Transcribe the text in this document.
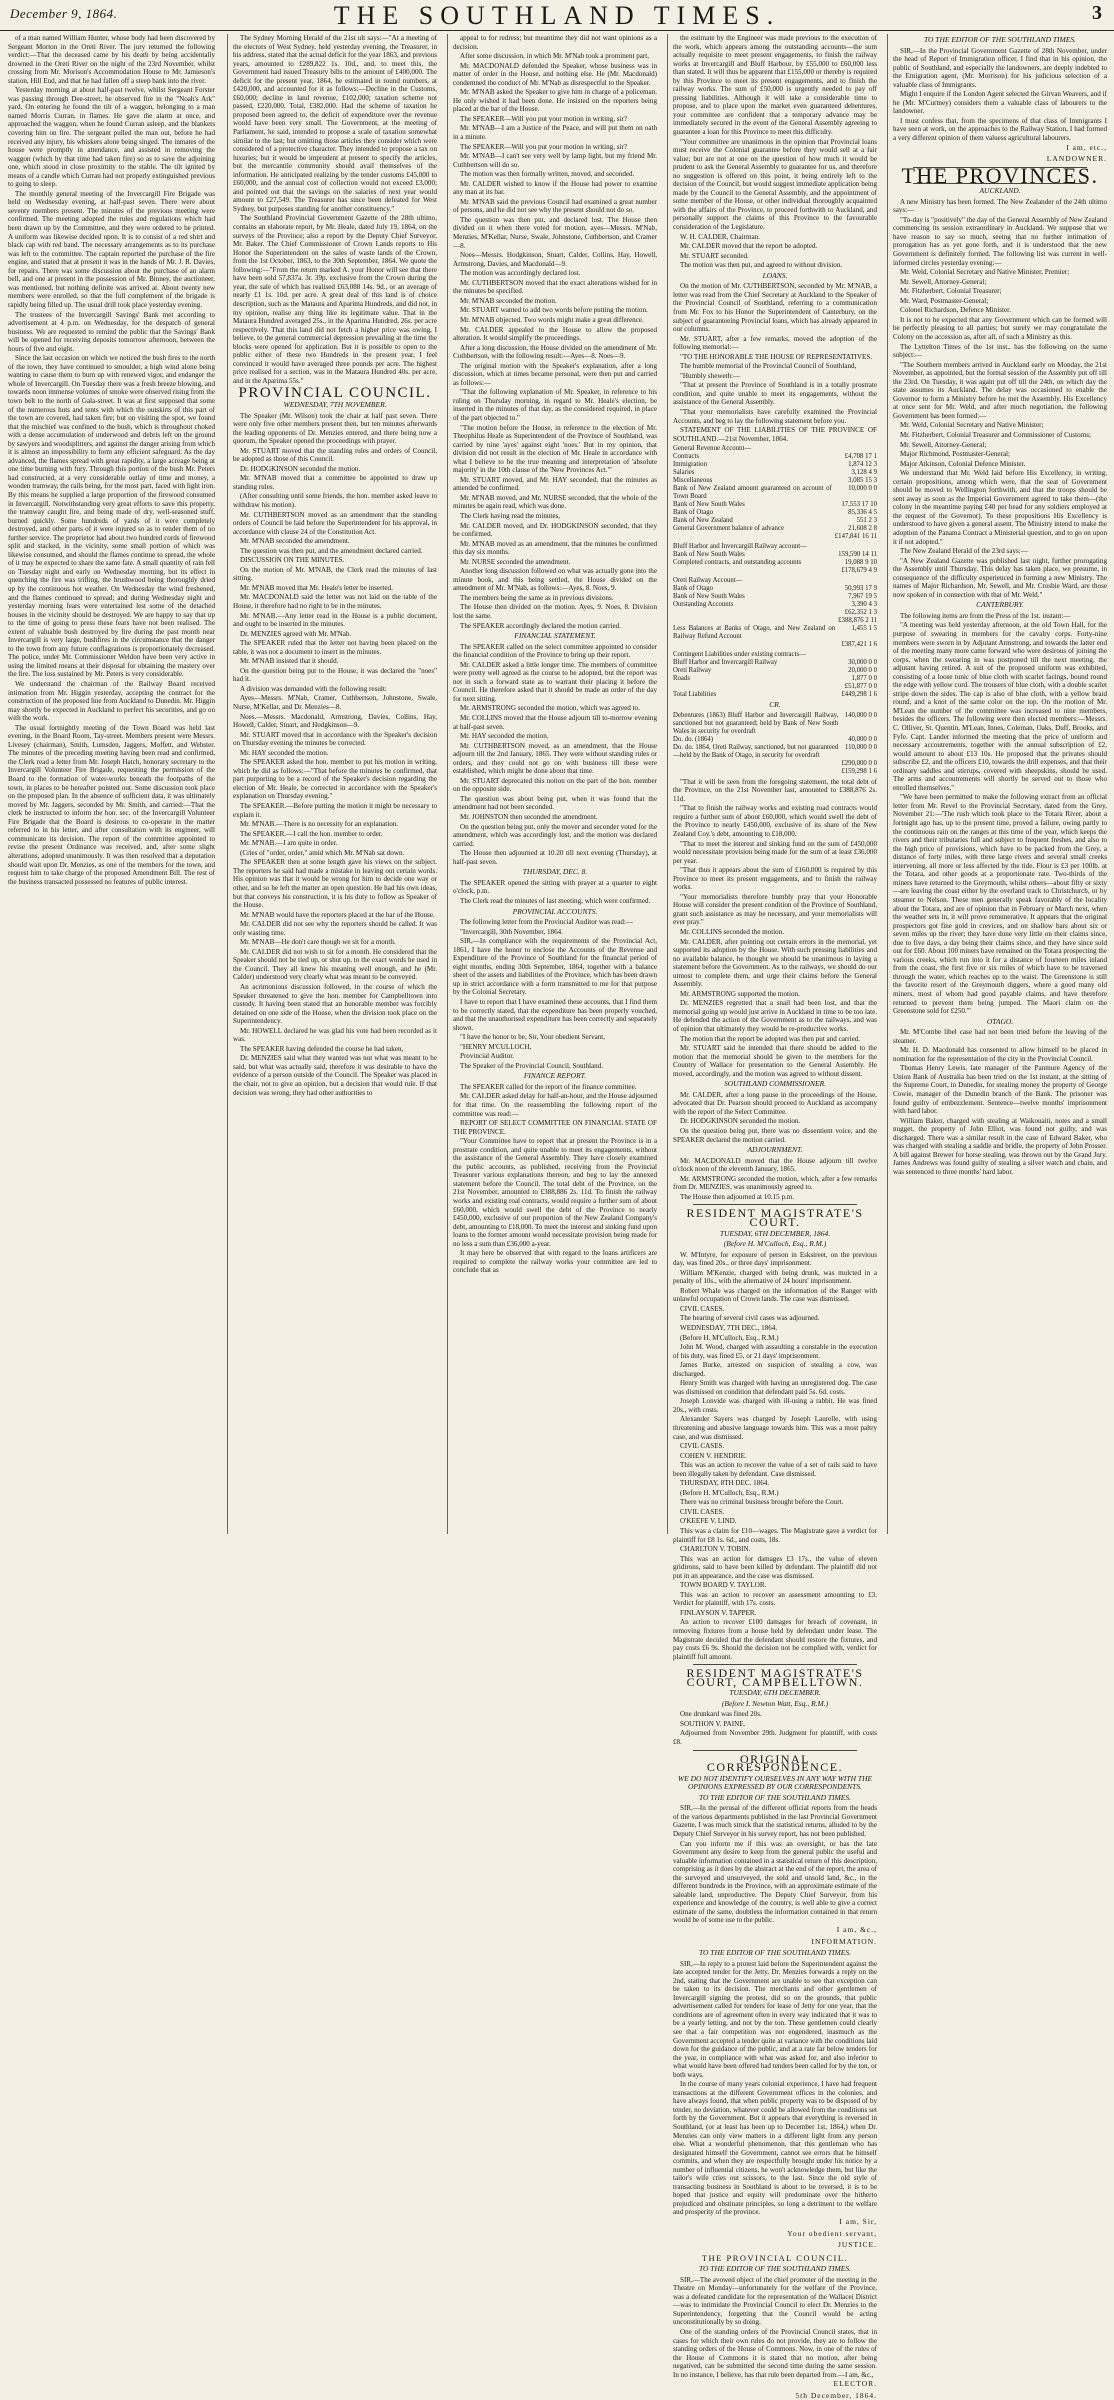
December 9, 1864.	THE SOUTHLAND TIMES.	3

of a man named William Hunter, whose body had been discovered by Sergeant Morton in the Oreti River. The jury returned the following verdict:—That the deceased came by his death by being accidentally drowned in the Oreti River on the night of the 23rd November, whilst crossing from Mr. Morison's Accommodation House to Mr. Jamieson's station, Hill End, and that he had fallen off a steep bank into the river.

Yesterday morning at about half-past twelve, whilst Sergeant Forster was passing through Dee-street, he observed fire in the "Noah's Ark" yard. On entering he found the tilt of a waggon, belonging to a man named Morris Curran, in flames. He gave the alarm at once, and approached the waggon, when he found Curran asleep, and the blankets covering him on fire. The sergeant pulled the man out, before he had received any injury, his whiskers alone being singed. The inmates of the house were promptly in attendance, and assisted in removing the waggon (which by that time had taken fire) so as to save the adjoining one, which stood in close proximity to the stable. The tilt ignited by means of a candle which Curran had not properly extinguished previous to going to sleep.

The monthly general meeting of the Invercargill Fire Brigade was held on Wednesday evening, at half-past seven. There were about seventy members present. The minutes of the previous meeting were confirmed. The meeting adopted the rules and regulations which had been drawn up by the Committee, and they were ordered to be printed. A uniform was likewise decided upon. It is to consist of a red shirt and black cap with red band. The necessary arrangements as to its purchase was left to the committee. The captain reported the purchase of the fire engine, and stated that at present it was in the hands of Mr. J. R. Davies, for repairs. There was some discussion about the purchase of an alarm bell, and one at present in the possession of Mr. Binney, the auctioneer, was mentioned, but nothing definite was arrived at. About twenty new members were enrolled, so that the full complement of the brigade is rapidly being filled up. The usual drill took place yesterday evening.

The trustees of the Invercargill Savings' Bank met according to advertisement at 4 p.m. on Wednesday, for the despatch of general business. We are requested to remind the public that the Savings' Bank will be opened for receiving deposits tomorrow afternoon, between the hours of five and eight.

Since the last occasion on which we noticed the bush fires to the north of the town, they have continued to smoulder, a high wind alone being wanting to cause them to burn up with renewed vigor, and endanger the whole of Invercargill. On Tuesday there was a fresh breeze blowing, and towards noon immense volumes of smoke were observed rising from the town belt to the north of Gala-street. It was at first supposed that some of the numerous huts and tents with which the outskirts of this part of the town are covered, had taken fire; but on visiting the spot, we found that the mischief was confined to the bush, which is throughout choked with a dense accumulation of underwood and debris left on the ground by sawyers and woodsplitters, and against the danger arising from which it is almost an impossibility to form any efficient safeguard. As the day advanced, the flames spread with great rapidity, a large acreage being at one time burning with fury. Through this portion of the bush Mr. Peters had constructed, at a very considerable outlay of time and money, a wooden tramway, the rails being, for the most part, faced with light iron. By this means he supplied a large proportion of the firewood consumed in Invercargill. Notwithstanding very great efforts to save this property, the tramway caught fire, and being made of dry, well-seasoned stuff, burned quickly. Some hundreds of yards of it were completely destroyed, and other parts of it were injured so as to render them of no further service. The proprietor had about two hundred cords of firewood split and stacked, in the vicinity, some small portion of which was likewise consumed, and should the flames continue to spread, the whole of it may be expected to share the same fate. A small quantity of rain fell on Tuesday night and early on Wednesday morning, but its effect in quenching the fire was trifling, the brushwood being thoroughly dried up by the continuous hot weather. On Wednesday the wind freshened, and the flames continued to spread; and during Wednesday night and yesterday morning fears were entertained lest some of the detached houses in the vicinity should be destroyed. We are happy to say that up to the time of going to press these fears have not been realised. The extent of valuable bush destroyed by fire during the past month near Invercargill is very large, bushfires in the circumstance that the danger to the town from any future conflagrations is proportionately decreased. The police, under Mr. Commissioner Weldon have been very active in using the limited means at their disposal for obtaining the mastery over the fire. The loss sustained by Mr. Peters is very considerable.

We understand the chairman of the Railway Board received intimation from Mr. Higgin yesterday, accepting the contract for the construction of the proposed line from Auckland to Dunedin. Mr. Higgin may shortly be expected in Auckland to perfect his securities, and go on with the work.

The usual fortnightly meeting of the Town Board was held last evening, in the Board Room, Tay-street. Members present were Messrs. Livesey (chairman), Smith, Lumsden, Jaggers, Moffett, and Webster. The minutes of the preceding meeting having been read and confirmed, the Clerk read a letter from Mr. Joseph Hatch, honorary secretary to the Invercargill Volunteer Fire Brigade, requesting the permission of the Board to the formation of water-works beneath the footpaths of the town, in places to be hereafter pointed out. Some discussion took place on the proposed plan. In the absence of sufficient data, it was ultimately moved by Mr. Jaggers, seconded by Mr. Smith, and carried:—That the clerk be instructed to inform the hon. sec. of the Invercargill Volunteer Fire Brigade that the Board is desirous to co-operate in the matter referred to in his letter, and after consultation with its engineer, will communicate its decision. The report of the committee appointed to revise the present Ordinance was received, and, after some slight alterations, adopted unanimously. It was then resolved that a deputation should wait upon Dr. Menzies, as one of the members for the town, and request him to take charge of the proposed Amendment Bill. The rest of the business transacted possessed no features of public interest.

The Sydney Morning Herald of the 21st ult says:—"At a meeting of the electors of West Sydney, held yesterday evening, the Treasurer, in his address, stated that the actual deficit for the year 1863, and previous years, amounted to £289,822 1s. 10d., and, to meet this, the Government had issued Treasury bills to the amount of £400,000. The deficit for the present year, 1864, he estimated in round numbers, at £420,000, and accounted for it as follows:—Decline in the Customs, £60,000; decline in land revenue, £102,000; taxation scheme not passed, £220,000. Total, £382,000. Had the scheme of taxation he proposed been agreed to, the deficit of expenditure over the revenue would have been very small. The Government, at the meeting of Parliament, he said, intended to propose a scale of taxation somewhat similar to the last; but omitting those articles they consider which were considered of a protective character. They intended to propose a tax on luxuries; but it would be imprudent at present to specify the articles, but the mercantile community should avail themselves of the information. He anticipated realizing by the tender customs £45,000 to £60,000, and the annual cost of collection would not exceed £3,000; and pointed out that the savings on the salaries of next year would amount to £27,549. The Treasurer has since been defeated for West Sydney, but purposes standing for another constituency."

The Southland Provincial Government Gazette of the 28th ultimo, contains an elaborate report, by Mr. Heale, dated July 19, 1864, on the surveys of the Province; also a report by the Deputy Chief Surveyor, Mr. Baker. The Chief Commissioner of Crown Lands reports to His Honor the Superintendent on the sales of waste lands of the Crown, from the 1st October, 1863, to the 30th September, 1864. We quote the following:—"From the return marked A. your Honor will see that there have been sold 57,837a. 3r. 39p. exclusive from the Crown during the year, the sale of which has realised £63,088 14s. 9d., or an average of nearly £1 1s. 10d. per acre. A great deal of this land is of choice description, such as the Mataura and Aparima Hundreds, and did not, in my opinion, realise any thing like its legitimate value. That in the Mataura Hundred averaged 25s., in the Aparima Hundred, 26s. per acre respectively. That this land did not fetch a higher price was owing, I believe, to the general commercial depression prevailing at the time the blocks were opened for application. But it is possible to open to the public either of these two Hundreds in the present year, I feel convinced it would have averaged three pounds per acre. The highest price realised for a section, was in the Mataura Hundred 40s. per acre, and in the Aparima 55s."

PROVINCIAL COUNCIL.
WEDNESDAY, 7TH NOVEMBER.

The Speaker (Mr. Wilson) took the chair at half past seven. There were only five other members present then, but ten minutes afterwards the leading opponents of Dr. Menzies entered, and there being now a quorum, the Speaker opened the proceedings with prayer.

Mr. STUART moved that the standing rules and orders of Council, be adopted as those of this Council.

Dr. HODGKINSON seconded the motion.

Mr. M'NAB moved that a committee be appointed to draw up standing rules.

(After consulting until some friends, the hon. member asked leave to withdraw his motion).

Mr. CUTHBERTSON moved as an amendment that the standing orders of Council be laid before the Superintendent for his approval, in accordance with clause 24 of the Constitution Act.

Mr. M'NAB seconded the amendment.

The question was then put, and the amendment declared carried.

DISCUSSION ON THE MINUTES.

On the motion of Mr. M'NAB, the Clerk read the minutes of last sitting.

Mr. M'NAB moved that Mr. Heale's letter be inserted.

Mr. MACDONALD said the letter was not laid on the table of the House, it therefore had no right to be in the minutes.

Mr. M'NAB.—Any letter read in the House is a public document, and ought to be inserted in the minutes.

Dr. MENZIES agreed with Mr. M'Nab.

The SPEAKER ruled that the letter not having been placed on the table, it was not a document to insert in the minutes.

Mr. M'NAB insisted that it should.

On the question being put to the House, it was declared the "noes" had it.

A division was demanded with the following result:

Ayes—Messrs. M'Nab, Cramer, Cuthbertson, Johnstone, Swale, Nurse, M'Kellar, and Dr. Menzies—8.

Noes.—Messrs. Macdonald, Armstrong, Davies, Collins, Hay, Howell, Calder, Stuart, and Hodgkinson—9.

Mr. STUART moved that in accordance with the Speaker's decision on Thursday evening the minutes be corrected.

Mr. HAY seconded the motion.

The SPEAKER asked the hon. member to put his motion in writing, which he did as follows:—"That before the minutes be confirmed, that part purporting to be a record of the Speaker's decision regarding the election of Mr. Heale, be corrected in accordance with the Speaker's explanation on Thursday evening."

The SPEAKER.—Before putting the motion it might be necessary to explain it.

Mr. M'NAB.—There is no necessity for an explanation.

The SPEAKER.—I call the hon. member to order.

Mr. M'NAB.—I am quite in order.

(Cries of "order, order," amid which Mr. M'Nab sat down.

The SPEAKER then at some length gave his views on the subject. The reporters he said had made a mistake in leaving out certain words. His opinion was that it would be wrong for him to decide one way or other, and so he left the matter an open question. He had his own ideas, but that conveys his construction, it is his duty to follow as Speaker of the House.

Mr. M'NAB would have the reporters placed at the bar of the House.

Mr. CALDER did not see why the reporters should be called. It was only wasting time.

Mr. M'NAB—He don't care though we sit for a month.

Mr. CALDER did not wish to sit for a month. He considered that the Speaker should not be tied up, or shut up, to the exact words he used in the Council. They all knew his meaning well enough, and he (Mr. Calder) understood very clearly what was meant to be conveyed.

An acrimonious discussion followed, in the course of which the Speaker threatened to give the hon. member for Campbelltown into custody. It having been stated that an honorable member was forcibly detained on one side of the House, when the division took place on the Superintendency.

Mr. HOWELL declared he was glad his vote had been recorded as it was.

The SPEAKER having defended the course he had taken,

Dr. MENZIES said what they wanted was not what was meant to be said, but what was actually said, therefore it was desirable to have the evidence of a person outside of the Council. The Speaker was placed in the chair, not to give an opinion, but a decision that would rule. If that decision was wrong, they had other authorities to

appeal to for redress; but meantime they did not want opinions as a decision.

After some discussion, in which Mr. M'Nab took a prominent part,

Mr. MACDONALD defended the Speaker, whose business was in matter of order in the House, and nothing else. He (Mr. Macdonald) condemned the conduct of Mr. M'Nab as disrespectful to the Speaker.

Mr. M'NAB asked the Speaker to give him in charge of a policeman. He only wished it had been done. He insisted on the reporters being placed at the bar of the House.

The SPEAKER—Will you put your motion in writing, sir?

Mr. M'NAB—I am a Justice of the Peace, and will put them on oath in a minute.

The SPEAKER—Will you put your motion in writing, sir?

Mr. M'NAB—I can't see very well by lamp light, but my friend Mr. Cuthbertson will do so.

The motion was then formally written, moved, and seconded.

Mr. CALDER wished to know if the House had power to examine any man at its bar.

Mr. M'NAB said the previous Council had examined a great number of persons, and he did not see why the present should not do so.

The question was then put, and declared lost. The House then divided on it when there voted for motion, ayes—Messrs. M'Nab, Menzies, M'Kellar, Nurse, Swale, Johnstone, Cuthbertson, and Cramer—8.

Noes—Messrs. Hodgkinson, Stuart, Calder, Collins, Hay, Howell, Armstrong, Davies, and Macdonald—9.

The motion was accordingly declared lost.

Mr. CUTHBERTSON moved that the exact alterations wished for in the minutes be specified.

Mr. M'NAB seconded the motion.

Mr. STUART wanted to add two words before putting the motion.

Mr. M'NAB objected. Two words might make a great difference.

Mr. CALDER appealed to the House to allow the proposed alteration. It would simplify the proceedings.

After a long discussion, the House divided on the amendment of Mr. Cuthbertson, with the following result:—Ayes—8. Noes—9.

The original motion with the Speaker's explanation, after a long discussion, which at times became personal, were then put and carried as follows:—

"That the following explanation of Mr. Speaker, in reference to his ruling on Thursday morning, in regard to Mr. Heale's election, be inserted in the minutes of that day, as the considered required, in place of the part objected to."

"The motion before the House, in reference to the election of Mr. Theophilus Heale as Superintendent of the Province of Southland, was carried by nine 'ayes' against eight 'noes.' But in my opinion, that division did not result in the election of Mr. Heale in accordance with what I believe to be the true meaning and interpretation of 'absolute majority' in the 10th clause of the 'New Provinces Act.'"

Mr. STUART moved, and Mr. HAY seconded, that the minutes as amended be confirmed.

Mr. M'NAB moved, and Mr. NURSE seconded, that the whole of the minutes be again read, which was done.

The Clerk having read the minutes,

Mr. CALDER moved, and Dr. HODGKINSON seconded, that they be confirmed.

Mr. M'NAB moved as an amendment, that the minutes be confirmed this day six months.

Mr. NURSE seconded the amendment.

Another long discussion followed on what was actually gone into the minute book, and this being settled, the House divided on the amendment of Mr. M'Nab, as follows:—Ayes, 8. Noes, 9.

The members being the same as in previous divisions.

The House then divided on the motion. Ayes, 9. Noes, 8. Division lost the same.

The SPEAKER accordingly declared the motion carried.

FINANCIAL STATEMENT.

The SPEAKER called on the select committee appointed to consider the financial condition of the Province to bring up their report.

Mr. CALDER asked a little longer time. The members of committee were pretty well agreed as the course to be adopted, but the report was not in such a forward state as to warrant their placing it before the Council. He therefore asked that it should be made an order of the day for next sitting.

Mr. ARMSTRONG seconded the motion, which was agreed to.

Mr. COLLINS moved that the House adjourn till to-morrow evening at half-past seven.

Mr. HAY seconded the motion.

Mr. CUTHBERTSON moved, as an amendment, that the House adjourn till the 2nd January, 1865. They were without standing rules or orders, and they could not go on with business till these were established, which might be done about that time.

Mr. STUART deprecated this notion on the part of the hon. member on the opposite side.

The question was about being put, when it was found that the amendment had not been seconded.

Mr. JOHNSTON then seconded the amendment.

On the question being put, only the mover and seconder voted for the amendment, which was accordingly lost, and the motion was declared carried.

The House then adjourned at 10.20 till next evening (Thursday), at half-past seven.

THURSDAY, DEC. 8.

The SPEAKER opened the sitting with prayer at a quarter to eight o'clock, p.m.

The Clerk read the minutes of last meeting, which were confirmed.

PROVINCIAL ACCOUNTS.

The following letter from the Provincial Auditor was read:—

"Invercargill, 30th November, 1864.

SIR,—In compliance with the requirements of the Provincial Act, 1861, I have the honor to enclose the Accounts of the Revenue and Expenditure of the Province of Southland for the financial period of eight months, ending 30th September, 1864, together with a balance sheet of the assets and liabilities of the Province, which has been drawn up in strict accordance with a form transmitted to me for that purpose by the Colonial Secretary.

I have to report that I have examined these accounts, that I find them to be correctly stated, that the expenditure has been properly vouched, and that the unauthorised expenditure has been correctly and separately shown.

"I have the honor to be, Sir, Your obedient Servant,

"HENRY M'CULLOCH,

Provincial Auditor.

The Speaker of the Provincial Council, Southland.

FINANCE REPORT.

The SPEAKER called for the report of the finance committee.

Mr. CALDER asked delay for half-an-hour, and the House adjourned for that time. On the reassembling the following report of the committee was read:—

REPORT OF SELECT COMMITTEE ON FINANCIAL STATE OF THE PROVINCE.

"Your Committee have to report that at present the Province is in a prostrate condition, and quite unable to meet its engagements, without the assistance of the General Assembly. They have closely examined the public accounts, as published, receiving from the Provincial Treasurer various explanations thereon, and beg to lay the annexed statement before the Council. The total debt of the Province, on the 21st November, amounted to £388,886 2s. 11d. To finish the railway works and existing roal contracts, would require a further sum of about £60,000, which would swell the debt of the Province to nearly £450,000, exclusive of our proportion of the New Zealand Company's debt, amounting to £18,000. To meet the interest and sinking fund upon loans to the former amount would necessitate provision being made for no less a sum than £36,000 a-year.

It may here be observed that with regard to the loans artificers are required to complete the railway works your committee are led to conclude that as

the estimate by the Engineer was made previous to the execution of the work, which appears among the outstanding accounts—the sum actually requisite to meet present engagements, to finish the railway works at Invercargill and Bluff Harbour, by £55,000 to £60,000 less than stated. It will thus be apparent that £155,000 or thereby is required by this Province to meet its present engagements, and to finish the railway works. The sum of £50,000 is urgently needed to pay off pressing liabilities. Although it will take a considerable time to propose, and to place upon the market even guaranteed debentures, your committee are confident that a temporary advance may be immediately secured in the event of the General Assembly agreeing to guarantee a loan for this Province to meet this difficulty.

"Your committee are unanimous in the opinion that Provincial loans must receive the Colonial guarantee before they would sell at a fair value; but are not at one on the question of how much it would be prudent to ask the General Assembly to guarantee for us, and therefore no suggestion is offered on this point, it being entirely left to the decision of the Council, but would suggest immediate application being made by the Council to the General Assembly, and the appointment of some member of the House, or other individual thoroughly acquainted with the affairs of the Province, to proceed forthwith to Auckland, and personally support the claims of this Province to the favourable consideration of the Legislature.

W. H. CALDER, Chairman.

Mr. CALDER moved that the report be adopted.

Mr. STUART seconded.

The motion was then put, and agreed to without division.

LOANS.

On the motion of Mr. CUTHBERTSON, seconded by Mr. M'NAB, a letter was read from the Chief Secretary at Auckland to the Speaker of the Provincial Council of Southland, referring to a communication from Mr. Fox to his Honor the Superintendent of Canterbury, on the subject of guaranteeing Provincial loans, which has already appeared in our columns.

Mr. STUART, after a few remarks, moved the adoption of the following memorial:—

"TO THE HONORABLE THE HOUSE OF REPRESENTATIVES.

The humble memorial of the Provincial Council of Southland,

"Humbly sheweth:—

"That at present the Province of Southland is in a totally prostrate condition, and quite unable to meet its engagements, without the assistance of the General Assembly.

"That your memorialists have carefully examined the Provincial Accounts, and beg to lay the following statement before you.

STATEMENT OF THE LIABILITIES OF THE PROVINCE OF SOUTHLAND.—21st November, 1864.

General Revenue Account—	
Contracts	£4,708 17 1
Immigration	1,874 12 3
Salaries	3,128 4 9
Miscellaneous	3,085 15 3
Bank of New Zealand amount guaranteed on account of Town Board	10,000 0 0
Bank of New South Wales	17,553 17 10
Bank of Otago	85,336 4 5
Bank of New Zealand	551 2 3
General Government balance of advance	21,608 2 8
	£147,841 16 11
Bluff Harbor and Invercargill Railway account—	
Bank of New South Wales	159,590 14 11
Completed contracts, and outstanding accounts	19,088 9 10
	£178,679 4 9
Oreti Railway Account—	
Bank of Otago	50,993 17 9
Bank of New South Wales	7,967 19 5
Outstanding Accounts	3,390 4 3
	£62,352 1 3
	£388,876 2 11
Less Balances at Banks of Otago, and New Zealand on Railway Refund Account	1,455 1 5
	£387,421 1 6
Contingent Liabilities under existing contracts—	
Bluff Harbor and Invercargill Railway	30,000 0 0
Oreti Railway	20,000 0 0
Roads	1,877 0 0
	£51,877 0 0
Total Liabilities	£449,298 1 6
CR.
Debentures (1863) Bluff Harbor and Invercargill Railway, sanctioned but not guaranteed; held by Bank of New South Wales in security for overdraft	140,000 0 0
Do. do. (1864)	40,000 0 0
Do. do. 1864, Oreti Railway, sanctioned, but not guaranteed—held by the Bank of Otago, in security for overdraft	110,000 0 0
	£290,000 0 0
	£159,298 1 6

"That it will be seen from the foregoing statement, the total debt of the Province, on the 21st November last, amounted to £388,876 2s. 11d.

"That to finish the railway works and existing road contracts would require a further sum of about £60,000, which would swell the debt of the Province to nearly £450,000, exclusive of its share of the New Zealand Coy.'s debt, amounting to £18,000.

"That to meet the interest and sinking fund on the sum of £450,000 would necessitate provision being made for the sum of at least £36,000 per year.

"That thus it appears about the sum of £160,000 is required by this Province to meet its present engagements, and to finish the railway works.

"Your memorialists therefore humbly pray that your Honorable House will consider the present condition of the Province of Southland, grant such assistance as may be necessary, and your memorialists will ever pray."

Mr. COLLINS seconded the motion.

Mr. CALDER, after pointing out certain errors in the memorial, yet supported its adoption by the House. With such pressing liabilities and no available balance, he thought we should be unanimous in laying a statement before the Government. As to the railways, we should do our utmost to complete them, and urge their claims before the General Assembly.

Mr. ARMSTRONG supported the motion.

Dr. MENZIES regretted that a snail had been lost, and that the memorial going up would just arrive in Auckland in time to be too late. He defended the action of the Government as to the railways, and was of opinion that ultimately they would be re-productive works.

The motion that the report be adopted was then put and carried.

Mr. STUART said he intended that there should be added to the motion that the memorial should be given to the members for the Country of Wallace for presentation to the General Assembly. He moved, accordingly, and the motion was agreed to without dissent.

SOUTHLAND COMMISSIONER.

Mr. CALDER, after a long pause in the proceedings of the House, advocated that Dr. Pearson should proceed to Auckland as accompany with the report of the Select Committee.

Dr. HODGKINSON seconded the motion.

On the question being put, there was no dissentient voice, and the SPEAKER declared the motion carried.

ADJOURNMENT.

Mr. MACDONALD moved that the House adjourn till twelve o'clock noon of the eleventh January, 1865.

Mr. ARMSTRONG seconded the motion, which, after a few remarks from Dr. MENZIES, was unanimously agreed to.

The House then adjourned at 10.15 p.m.

RESIDENT MAGISTRATE'S COURT.
TUESDAY, 6TH DECEMBER, 1864.
(Before H. M'Culloch, Esq., R.M.)

W. M'Intyre, for exposure of person in Eskstreet, on the previous day, was fined 20s., or three days' imprisonment.

William M'Kenzie, charged with being drunk, was mulcted in a penalty of 10s., with the alternative of 24 hours' imprisonment.

Robert Whale was charged on the information of the Ranger with unlawful occupation of Crown lands. The case was dismissed.

CIVIL CASES.

The hearing of several civil cases was adjourned.

WEDNESDAY, 7TH DEC., 1864.

(Before H. M'Culloch, Esq., R.M.)

John M. Wood, charged with assaulting a constable in the execution of his duty, was fined £5, or 21 days' imprisonment.

James Burke, arrested on suspicion of stealing a cow, was discharged.

Henry Smith was charged with having an unregistered dog. The case was dismissed on condition that defendant paid 5s. 6d. costs.

Joseph Lonvide was charged with ill-using a rabbit. He was fined 20s., with costs.

Alexander Sayers was charged by Joseph Laurelle, with using threatening and abusive language towards him. This was a most paltry case, and was dismissed.

CIVIL CASES.

COHEN V. HENDRIE.

This was an action to recover the value of a set of rails said to have been illegally taken by defendant. Case dismissed.

THURSDAY, 8TH DEC. 1864.

(Before H. M'Culloch, Esq., R.M.)

There was no criminal business brought before the Court.

CIVIL CASES.

O'KEEFE V. LIND.

This was a claim for £10—wages. The Magistrate gave a verdict for plaintiff for £8 1s. 6d., and costs, 18s.

CHARLTON V. TOBIN.

This was an action for damages £3 17s., the value of eleven gridirons, said to have been killed by defendant. The plaintiff did not put in an appearance, and the case was dismissed.

TOWN BOARD V. TAYLOR.

This was an action to recover an assessment amounting to £3. Verdict for plaintiff, with 17s. costs.

FINLAYSON V. TAPPER.

An action to recover £100 damages for breach of covenant, in removing fixtures from a house held by defendant under lease. The Magistrate decided that the defendant should restore the fixtures, and pay costs £6 9s. Should the decision not be complied with, verdict for plaintiff full amount.

RESIDENT MAGISTRATE'S COURT, CAMPBELLTOWN.
TUESDAY, 6TH DECEMBER.
(Before I. Newton Watt, Esq., R.M.)

One drunkard was fined 20s.

SOUTHON V. PAINE.

Adjourned from November 29th. Judgment for plaintiff, with costs £8.

ORIGINAL CORRESPONDENCE.
WE DO NOT IDENTIFY OURSELVES IN ANY WAY WITH THE OPINIONS EXPRESSED BY OUR CORRESPONDENTS.
TO THE EDITOR OF THE SOUTHLAND TIMES.

SIR,—In the perusal of the different official reports from the heads of the various departments published in the last Provincial Government Gazette, I was much struck that the statistical returns, alluded to by the Deputy Chief Surveyor in his survey report, has not been published.

Can you inform me if this was an oversight, or has the late Government any desire to keep from the general public the useful and valuable information contained in a statistical return of this description, comprising as it does by the abstract at the end of the report, the area of the surveyed and unsurveyed, the sold and unsold land, &c., in the different hundreds in the Province, with an approximate estimate of the saleable land, unproductive. The Deputy Chief Surveyor, from his experience and knowledge of the country, is well able to give a correct estimate of the same, doubtless the information contained in that return would be of some use to the public.

I am, &c.,
INFORMATION.
TO THE EDITOR OF THE SOUTHLAND TIMES.

SIR,—In reply to a protest laid before the Superintendent against the late accepted tender for the Jetty, Dr. Menzies forwards a reply on the 2nd, stating that the Government are unable to see that exception can be taken to its decision. The merchants and other gentlemen of Invercargill signing the protest, did so on the grounds, that public advertisement called for tenders for lease of Jetty for one year, that the conditions are of agreement often in every way indicated that it was to be a yearly letting, and not by the ton. These gentlemen could clearly see that a fair competition was not engendered, inasmuch as the Government accepted a tender quite at variance with the conditions laid down for the guidance of the public, and at a rate far below tenders for the year, in compliance with what was asked for, and also inferior to what would have been offered had tenders been called for by the ton, or both ways.

In the course of many years colonial experience, I have had frequent transactions at the different Government offices in the colonies, and have always found, that when public property was to be disposed of by tender, no deviation, whatever could be allowed from the conditions set forth by the Government. But it appears that everything is reversed in Southland, (or at least has been up to December 1st, 1864,) when Dr. Menzies can only view matters in a different light from any person else. What a wonderful phenomenon, that this gentleman who has designated himself the Government, cannot see errors that he himself commits, and when they are respectfully brought under his notice by a number of influential citizens, he won't acknowledge them, but like the tailor's wife cries out scissors, to the last. Since the old style of transacting business in Southland is about to be reversed, it is to be hoped that justice and equity will predominate over the hitherto prejudiced and obstinate principles, so long a detriment to the welfare and prosperity of the province.

I am, Sir,
Your obedient servant,
JUSTICE.
THE PROVINCIAL COUNCIL.
TO THE EDITOR OF THE SOUTHLAND TIMES.

SIR,—The avowed object of the chief promoter of the meeting in the Theatre on Monday—unfortunately for the welfare of the Province, was a defeated candidate for the representation of the Wallacei District—was to intimidate the Provincial Council to elect Dr. Menzies to the Superintendency, forgetting that the Council would be acting unconstitutionally by so doing.

One of the standing orders of the Provincial Council states, that in cases for which their own rules do not provide, they are to follow the standing orders of the House of Commons. Now, in one of the rules of the House of Commons it is stated that no motion, after being negatived, can be submitted the second time during the same session. In no instance, I believe, has that rule been departed from.—I am, &c.,

ELECTOR.
5th December, 1864.
TO THE EDITOR OF THE SOUTHLAND TIMES.

SIR,—In the Provincial Government Gazette of 28th November, under the head of Report of Immigration officer, I find that in his opinion, the public of Southland, and especially the landowners, are deeply indebted to the Emigration agent, (Mr. Morrison) for his judicious selection of a valuable class of Immigrants.

Might I enquire if the London Agent selected the Girvan Weavers, and if he (Mr. M'Curtney) considers them a valuable class of labourers to the landowner.

I must confess that, from the specimens of that class of Immigrants I have seen at work, on the approaches to the Railway Station, I had formed a very different opinion of them valuess agricultural labourers.

I am, etc.,
LANDOWNER.
THE PROVINCES.
AUCKLAND.

A new Ministry has been formed. The New Zealander of the 24th ultimo says:—

"To-day is "positively" the day of the General Assembly of New Zealand commencing its session extraordinary in Auckland. We suppose that we have reason to say so much, seeing that no further intimation of prorogation has as yet gone forth, and it is understood that the new Government is definitely formed. The following list was current in well-informed circles yesterday evening:—

Mr. Weld, Colonial Secretary and Native Minister, Premier;

Mr. Sewell, Attorney-General;

Mr. Fitzherbert, Colonial Treasurer;

Mr. Ward, Postmaster-General;

Colonel Richardson, Defence Minister.

It is not to be expected that any Government which can be formed will be perfectly pleasing to all parties; but surely we may congratulate the Colony on the accession as, after all, of such a Ministry as this.

The Lyttelton Times of the 1st inst., has the following on the same subject:—

"The Southern members arrived in Auckland early on Monday, the 21st November, as appointed, but the formal session of the Assembly put off till the 23rd. On Tuesday, it was again put off till the 24th, on which day the state assumes its Auckland. The delay was occasioned to enable the Governor to form a Ministry before he met the Assembly. His Excellency at once sent for Mr. Weld, and after much negotiation, the following Government has been formed:—

Mr. Weld, Colonial Secretary and Native Minister;

Mr. Fitzherbert, Colonial Treasurer and Commissioner of Customs;

Mr. Sewell, Attorney-General;

Major Richmond, Postmaster-General;

Major Atkinson, Colonial Defence Minister.

We understand that Mr. Weld laid before His Excellency, in writing, certain propositions, among which were, that the seat of Government should be moved to Wellington forthwith, and that the troops should be sent away as soon as the Imperial Government agreed to take them—(the colony in the meantime paying £40 per head for any soldiers employed at the request of the Governor). To these propositions His Excellency is understood to have given a general assent. The Ministry intend to make the adoption of the Panama Contract a Ministerial question, and to go on upon it if not adopted."

The New Zealand Herald of the 23rd says:—

"A New Zealand Gazette was published last night, further prorogating the Assembly until Thursday. This delay has taken place, we presume, in consequence of the difficulty experienced in forming a new Ministry. The names of Major Richardson, Mr. Sewell, and Mr. Crosbie Ward, are those now spoken of in connection with that of Mr. Weld."

CANTERBURY.

The following items are from the Press of the 1st. instant:—

"A meeting was held yesterday afternoon, at the old Town Hall, for the purpose of swearing in members for the cavalry corps. Forty-nine members were sworn in by Adjutant Armstrong, and towards the latter end of the meeting many more came forward who were desirous of joining the corps, when the swearing in was postponed till the next meeting, the adjutant having retired. A suit of the proposed uniform was exhibited, consisting of a loose tunic of blue cloth with scarlet facings, bound round the edge with yellow cord. The trousers of blue cloth, with a double scarlet stripe down the sides. The cap is also of blue cloth, with a yellow braid round, and a knot of the same color on the top. On the motion of Mr. M'Lean the number of the committee was increased to nine members, besides the officers. The following were then elected members:—Messrs. C. Olliver, St. Quentin, M'Lean, Innes, Coleman, Oaks, Duff, Brooks, and Fyfe. Capt. Lander informed the meeting that the price of uniform and necessary accoutrements, together with the annual subscription of £2, would amount to about £13 10s. He proposed that the privates should subscribe £2, and the officers £10, towards the drill expenses, and that their ordinary saddles and stirrups, covered with sheepskins, should be used. The arms and accoutrements will shortly be served out to those who enrolled themselves."

"We have been permitted to make the following extract from an official letter from Mr. Revel to the Provincial Secretary, dated from the Grey, November 21:—'The rush which took place to the Totara River, about a fortnight ago has, up to the present time, proved a failure, owing partly to the continuous rain on the ranges at this time of the year, which keeps the rivers and their tributaries full and subject to frequent freshes, and also to the high price of provisions, which have to be packed from the Grey, a distance of forty miles, with three large rivers and several small creeks intervening, all more or less affected by the tide. Flour is £3 per 100lb. at the Totara, and other goods at a proportionate rate. Two-thirds of the miners have returned to the Greymouth, whilst others—about fifty or sixty—are leaving the coast either by the overland track to Christchurch, or by steamer to Nelson. These men generally speak favorably of the locality about the Totara, and are of opinion that in February or March next, when the weather sets in, it will prove remunerative. It appears that the original prospectors got fine gold in crevices, and on shallow bars about six or seven miles up the river; they have done very little on their claims since, due to five days, a day being their claims since, and they have since sold out for £60. About 100 miners have remained on the Totara prospecting the various creeks, which run into it for a distance of fourteen miles inland from the coast, the first five or six miles of which have to be traversed through the water, which reaches up to the waist. The Greenstone is still the favorite resort of the Greymouth diggers, where a good many old miners, most of whom had good payable claims, and have therefore returned to prevent them being jumped. The Maori claim on the Greenstone sold for £250.'"

OTAGO.

Mr. M'Combe libel case had not been tried before the leaving of the steamer.

Mr. H. D. Macdonald has consented to allow himself to be placed in nomination for the representation of the city in the Provincial Council.

Thomas Henry Lewis, late manager of the Panmure Agency of the Union Bank of Australia has been tried on the 1st instant, at the sitting of the Supreme Court, in Dunedin, for stealing money the property of George Cowie, manager of the Dunedin branch of the Bank. The prisoner was found guilty of embezzlement. Sentence—twelve months' imprisonment with hard labor.

William Baker, charged with stealing at Waikouaiti, notes and a small nugget, the property of John Elliot, was found not guilty, and was discharged. There was a similar result in the case of Edward Baker, who was charged with stealing a saddle and bridle, the property of John Prosser. A bill against Brewer for horse stealing, was thrown out by the Grand Jury. James Andrews was found guilty of stealing a silver watch and chain, and was sentenced to three months' hard labor.
